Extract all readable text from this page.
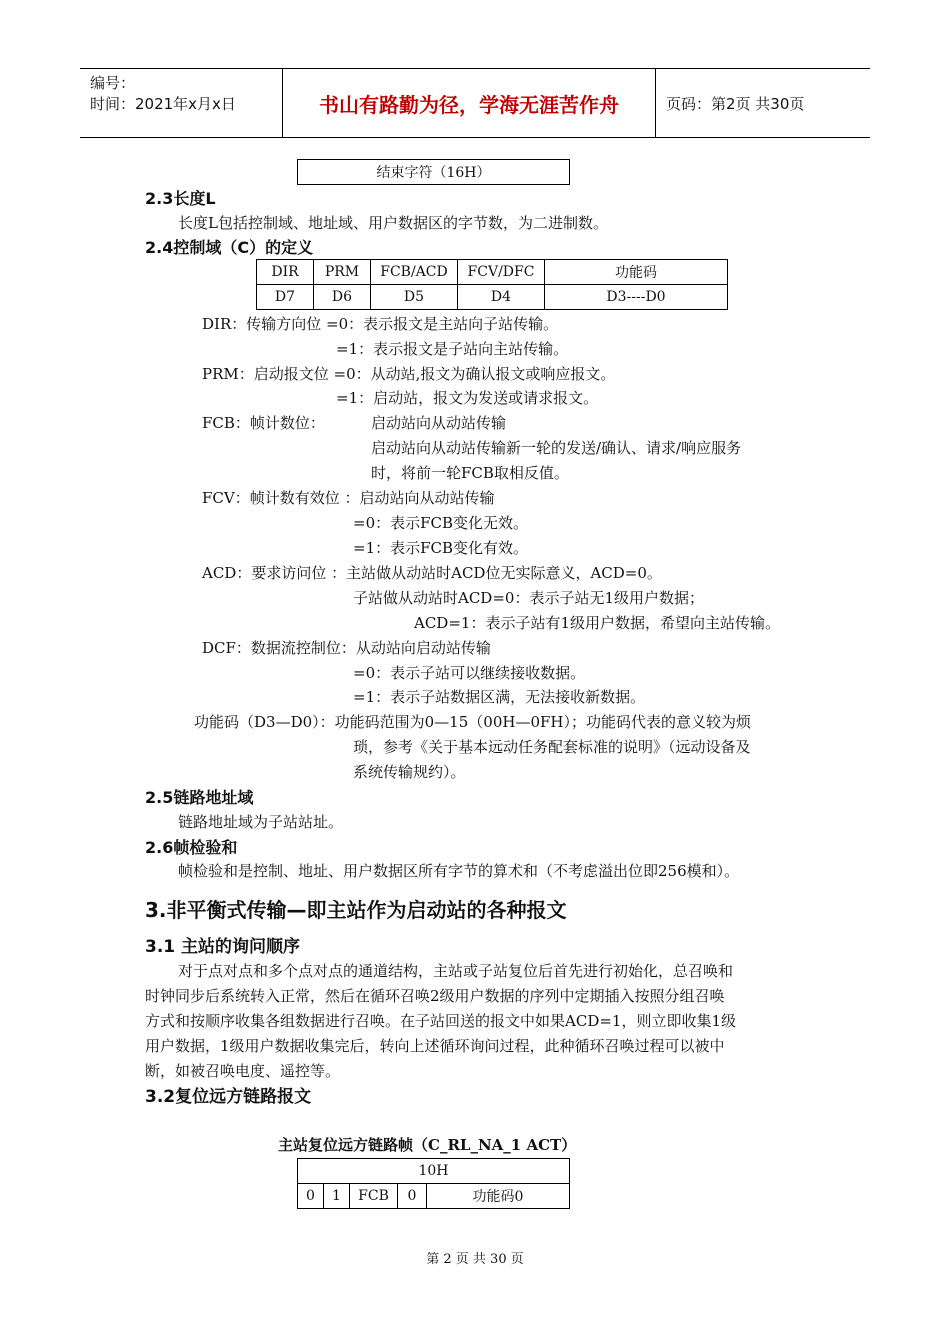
编号：
时间：2021年x月x日	书山有路勤为径，学海无涯苦作舟	页码：第2页 共30页
结束字符（16H）
2.3长度L
长度L包括控制域、地址域、用户数据区的字节数，为二进制数。
2.4控制域（C）的定义
DIR	PRM	FCB/ACD	FCV/DFC	功能码
D7	D6	D5	D4	D3----D0
DIR：传输方向位 =0：表示报文是主站向子站传输。
=1：表示报文是子站向主站传输。
PRM：启动报文位 =0：从动站,报文为确认报文或响应报文。
=1：启动站，报文为发送或请求报文。
FCB：帧计数位：	启动站向从动站传输
启动站向从动站传输新一轮的发送/确认、请求/响应服务
时，将前一轮FCB取相反值。
FCV：帧计数有效位 ：启动站向从动站传输
=0：表示FCB变化无效。
=1：表示FCB变化有效。
ACD：要求访问位 ：主站做从动站时ACD位无实际意义，ACD=0。
子站做从动站时ACD=0：表示子站无1级用户数据；
ACD=1：表示子站有1级用户数据，希望向主站传输。
DCF：数据流控制位：从动站向启动站传输
=0：表示子站可以继续接收数据。
=1：表示子站数据区满，无法接收新数据。
功能码（D3—D0）：功能码范围为0—15（00H—0FH）；功能码代表的意义较为烦
琐，参考《关于基本远动任务配套标准的说明》（远动设备及
系统传输规约）。
2.5链路地址域
链路地址域为子站站址。
2.6帧检验和
帧检验和是控制、地址、用户数据区所有字节的算术和（不考虑溢出位即256模和）。
3.非平衡式传输—即主站作为启动站的各种报文
3.1 主站的询问顺序
对于点对点和多个点对点的通道结构，主站或子站复位后首先进行初始化，总召唤和
时钟同步后系统转入正常，然后在循环召唤2级用户数据的序列中定期插入按照分组召唤
方式和按顺序收集各组数据进行召唤。在子站回送的报文中如果ACD=1，则立即收集1级
用户数据，1级用户数据收集完后，转向上述循环询问过程，此种循环召唤过程可以被中
断，如被召唤电度、遥控等。
3.2复位远方链路报文
主站复位远方链路帧（C_RL_NA_1 ACT）
10H
0	1	FCB	0	功能码0
第 2 页 共 30 页
